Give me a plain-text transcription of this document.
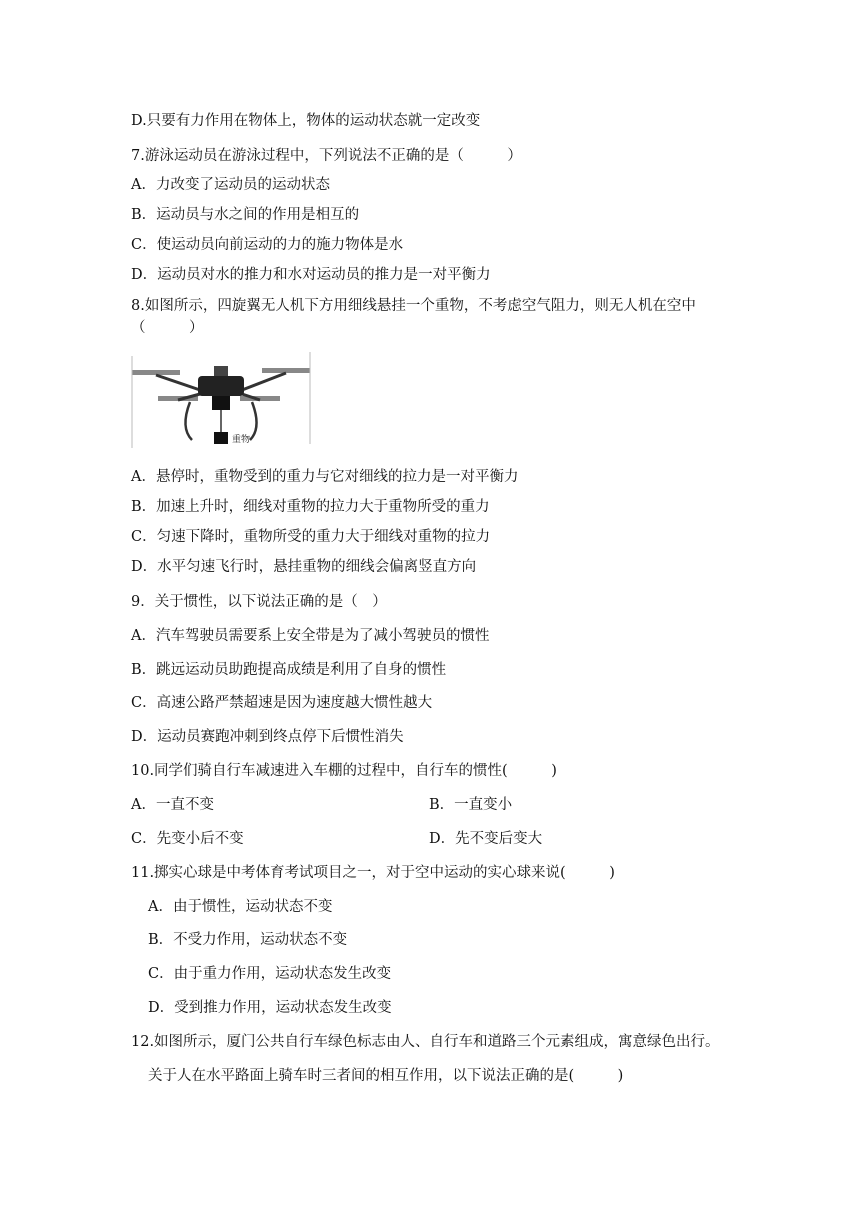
D.只要有力作用在物体上，物体的运动状态就一定改变
7.游泳运动员在游泳过程中，下列说法不正确的是（　　　）
A．力改变了运动员的运动状态
B．运动员与水之间的作用是相互的
C．使运动员向前运动的力的施力物体是水
D．运动员对水的推力和水对运动员的推力是一对平衡力
8.如图所示，四旋翼无人机下方用细线悬挂一个重物，不考虑空气阻力，则无人机在空中
（　　　）
重物
A．悬停时，重物受到的重力与它对细线的拉力是一对平衡力
B．加速上升时，细线对重物的拉力大于重物所受的重力
C．匀速下降时，重物所受的重力大于细线对重物的拉力
D．水平匀速飞行时，悬挂重物的细线会偏离竖直方向
9．关于惯性，以下说法正确的是（　）
A．汽车驾驶员需要系上安全带是为了减小驾驶员的惯性
B．跳远运动员助跑提高成绩是利用了自身的惯性
C．高速公路严禁超速是因为速度越大惯性越大
D．运动员赛跑冲刺到终点停下后惯性消失
10.同学们骑自行车减速进入车棚的过程中，自行车的惯性(　　　)
A．一直不变	B．一直变小
C．先变小后不变	D．先不变后变大
11.掷实心球是中考体育考试项目之一，对于空中运动的实心球来说(　　　)
A．由于惯性，运动状态不变
B．不受力作用，运动状态不变
C．由于重力作用，运动状态发生改变
D．受到推力作用，运动状态发生改变
12.如图所示，厦门公共自行车绿色标志由人、自行车和道路三个元素组成，寓意绿色出行。
关于人在水平路面上骑车时三者间的相互作用，以下说法正确的是(　　　)
